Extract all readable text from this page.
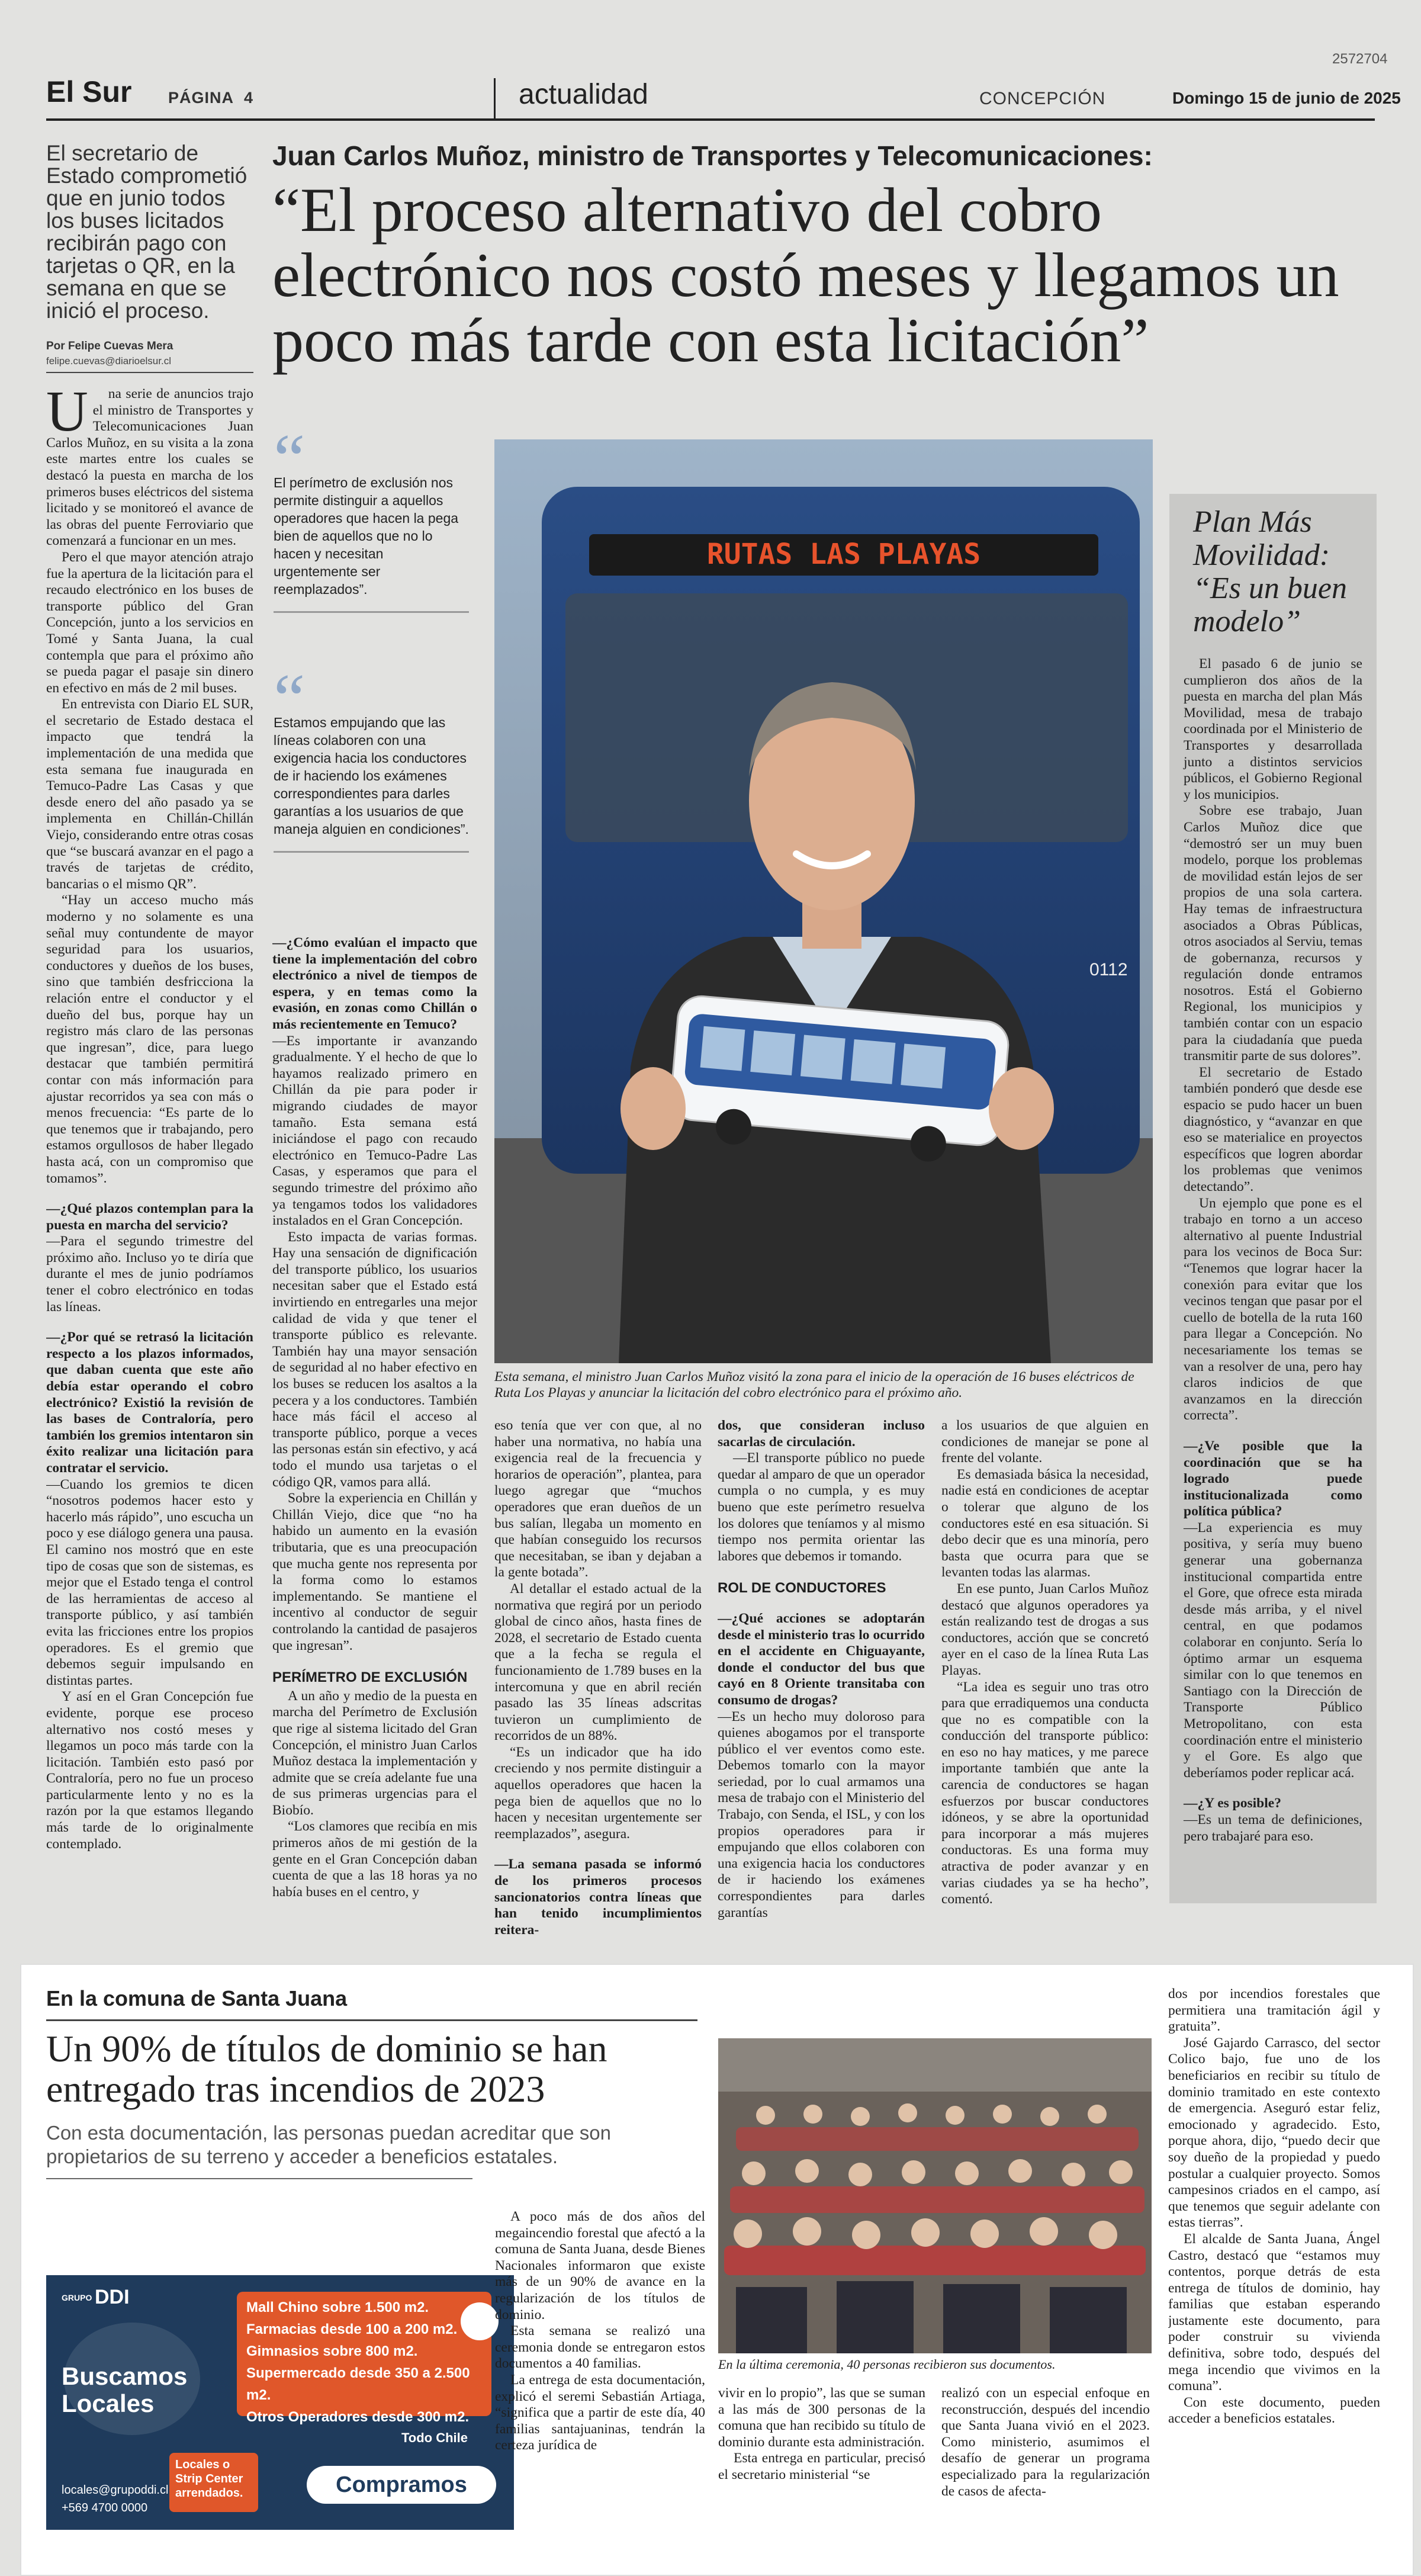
El Sur PÁGINA 4	actualidad	CONCEPCIÓN	Domingo 15 de junio de 2025
2572704
El secretario de Estado comprometió que en junio todos los buses licitados recibirán pago con tarjetas o QR, en la semana en que se inició el proceso.
Por Felipe Cuevas Mera
felipe.cuevas@diarioelsur.cl
Juan Carlos Muñoz, ministro de Transportes y Telecomunicaciones:
“El proceso alternativo del cobro electrónico nos costó meses y llegamos un poco más tarde con esta licitación”
U	na serie de anuncios trajo el ministro de Transportes y Telecomunicaciones Juan Carlos Muñoz, en su visita a la zona este martes entre los cuales se destacó la puesta en marcha de los primeros buses eléctricos del sistema licitado y se monitoreó el avance de las obras del puente Ferroviario que comenzará a funcionar en un mes.

Pero el que mayor atención atrajo fue la apertura de la licitación para el recaudo electrónico en los buses de transporte público del Gran Concepción, junto a los servicios en Tomé y Santa Juana, la cual contempla que para el próximo año se pueda pagar el pasaje sin dinero en efectivo en más de 2 mil buses.

En entrevista con Diario EL SUR, el secretario de Estado destaca el impacto que tendrá la implementación de una medida que esta semana fue inaugurada en Temuco-Padre Las Casas y que desde enero del año pasado ya se implementa en Chillán-Chillán Viejo, considerando entre otras cosas que “se buscará avanzar en el pago a través de tarjetas de crédito, bancarias o el mismo QR”.

“Hay un acceso mucho más moderno y no solamente es una señal muy contundente de mayor seguridad para los usuarios, conductores y dueños de los buses, sino que también desfricciona la relación entre el conductor y el dueño del bus, porque hay un registro más claro de las personas que ingresan”, dice, para luego destacar que también permitirá contar con más información para ajustar recorridos ya sea con más o menos frecuencia: “Es parte de lo que tenemos que ir trabajando, pero estamos orgullosos de haber llegado hasta acá, con un compromiso que tomamos”.

—¿Qué plazos contemplan para la puesta en marcha del servicio?

—Para el segundo trimestre del próximo año. Incluso yo te diría que durante el mes de junio podríamos tener el cobro electrónico en todas las líneas.

—¿Por qué se retrasó la licitación respecto a los plazos informados, que daban cuenta que este año debía estar operando el cobro electrónico? Existió la revisión de las bases de Contraloría, pero también los gremios intentaron sin éxito realizar una licitación para contratar el servicio.

—Cuando los gremios te dicen “nosotros podemos hacer esto y hacerlo más rápido”, uno escucha un poco y ese diálogo genera una pausa. El camino nos mostró que en este tipo de cosas que son de sistemas, es mejor que el Estado tenga el control de las herramientas de acceso al transporte público, y así también evita las fricciones entre los propios operadores. Es el gremio que debemos seguir impulsando en distintas partes.

Y así en el Gran Concepción fue evidente, porque ese proceso alternativo nos costó meses y llegamos un poco más tarde con la licitación. También esto pasó por Contraloría, pero no fue un proceso particularmente lento y no es la razón por la que estamos llegando más tarde de lo originalmente contemplado.

“
El perímetro de exclusión nos permite distinguir a aquellos operadores que hacen la pega bien de aquellos que no lo hacen y necesitan urgentemente ser reemplazados”.
“
Estamos empujando que las líneas colaboren con una exigencia hacia los conductores de ir haciendo los exámenes correspondientes para darles garantías a los usuarios de que maneja alguien en condiciones”.

—¿Cómo evalúan el impacto que tiene la implementación del cobro electrónico a nivel de tiempos de espera, y en temas como la evasión, en zonas como Chillán o más recientemente en Temuco?

—Es importante ir avanzando gradualmente. Y el hecho de que lo hayamos realizado primero en Chillán da pie para poder ir migrando ciudades de mayor tamaño. Esta semana está iniciándose el pago con recaudo electrónico en Temuco-Padre Las Casas, y esperamos que para el segundo trimestre del próximo año ya tengamos todos los validadores instalados en el Gran Concepción.

Esto impacta de varias formas. Hay una sensación de dignificación del transporte público, los usuarios necesitan saber que el Estado está invirtiendo en entregarles una mejor calidad de vida y que tener el transporte público es relevante. También hay una mayor sensación de seguridad al no haber efectivo en los buses se reducen los asaltos a la pecera y a los conductores. También hace más fácil el acceso al transporte público, porque a veces las personas están sin efectivo, y acá todo el mundo usa tarjetas o el código QR, vamos para allá.

Sobre la experiencia en Chillán y Chillán Viejo, dice que “no ha habido un aumento en la evasión tributaria, que es una preocupación que mucha gente nos representa por la forma como lo estamos implementando. Se mantiene el incentivo al conductor de seguir controlando la cantidad de pasajeros que ingresan”.

PERÍMETRO DE EXCLUSIÓN

A un año y medio de la puesta en marcha del Perímetro de Exclusión que rige al sistema licitado del Gran Concepción, el ministro Juan Carlos Muñoz destaca la implementación y admite que se creía adelante fue una de sus primeras urgencias para el Biobío.

“Los clamores que recibía en mis primeros años de mi gestión de la gente en el Gran Concepción daban cuenta de que a las 18 horas ya no había buses en el centro, y

RUTAS LAS PLAYAS
0112
Esta semana, el ministro Juan Carlos Muñoz visitó la zona para el inicio de la operación de 16 buses eléctricos de Ruta Los Playas y anunciar la licitación del cobro electrónico para el próximo año.

eso tenía que ver con que, al no haber una normativa, no había una exigencia real de la frecuencia y horarios de operación”, plantea, para luego agregar que “muchos operadores que eran dueños de un bus salían, llegaba un momento en que habían conseguido los recursos que necesitaban, se iban y dejaban a la gente botada”.

Al detallar el estado actual de la normativa que regirá por un periodo global de cinco años, hasta fines de 2028, el secretario de Estado cuenta que a la fecha se regula el funcionamiento de 1.789 buses en la intercomuna y que en abril recién pasado las 35 líneas adscritas tuvieron un cumplimiento de recorridos de un 88%.

“Es un indicador que ha ido creciendo y nos permite distinguir a aquellos operadores que hacen la pega bien de aquellos que no lo hacen y necesitan urgentemente ser reemplazados”, asegura.

—La semana pasada se informó de los primeros procesos sancionatorios contra líneas que han tenido incumplimientos reitera-

dos, que consideran incluso sacarlas de circulación.

—El transporte público no puede quedar al amparo de que un operador cumpla o no cumpla, y es muy bueno que este perímetro resuelva los dolores que teníamos y al mismo tiempo nos permita orientar las labores que debemos ir tomando.

ROL DE CONDUCTORES

—¿Qué acciones se adoptarán desde el ministerio tras lo ocurrido en el accidente en Chiguayante, donde el conductor del bus que cayó en 8 Oriente transitaba con consumo de drogas?

—Es un hecho muy doloroso para quienes abogamos por el transporte público el ver eventos como este. Debemos tomarlo con la mayor seriedad, por lo cual armamos una mesa de trabajo con el Ministerio del Trabajo, con Senda, el ISL, y con los propios operadores para ir empujando que ellos colaboren con una exigencia hacia los conductores de ir haciendo los exámenes correspondientes para darles garantías

a los usuarios de que alguien en condiciones de manejar se pone al frente del volante.

Es demasiada básica la necesidad, nadie está en condiciones de aceptar o tolerar que alguno de los conductores esté en esa situación. Si debo decir que es una minoría, pero basta que ocurra para que se levanten todas las alarmas.

En ese punto, Juan Carlos Muñoz destacó que algunos operadores ya están realizando test de drogas a sus conductores, acción que se concretó ayer en el caso de la línea Ruta Las Playas.

“La idea es seguir uno tras otro para que erradiquemos una conducta que no es compatible con la conducción del transporte público: en eso no hay matices, y me parece importante también que ante la carencia de conductores se hagan esfuerzos por buscar conductores idóneos, y se abre la oportunidad para incorporar a más mujeres conductoras. Es una forma muy atractiva de poder avanzar y en varias ciudades ya se ha hecho”, comentó.

Plan Más Movilidad: “Es un buen modelo”

El pasado 6 de junio se cumplieron dos años de la puesta en marcha del plan Más Movilidad, mesa de trabajo coordinada por el Ministerio de Transportes y desarrollada junto a distintos servicios públicos, el Gobierno Regional y los municipios.

Sobre ese trabajo, Juan Carlos Muñoz dice que “demostró ser un muy buen modelo, porque los problemas de movilidad están lejos de ser propios de una sola cartera. Hay temas de infraestructura asociados a Obras Públicas, otros asociados al Serviu, temas de gobernanza, recursos y regulación donde entramos nosotros. Está el Gobierno Regional, los municipios y también contar con un espacio para la ciudadanía que pueda transmitir parte de sus dolores”.

El secretario de Estado también ponderó que desde ese espacio se pudo hacer un buen diagnóstico, y “avanzar en que eso se materialice en proyectos específicos que logren abordar los problemas que venimos detectando”.

Un ejemplo que pone es el trabajo en torno a un acceso alternativo al puente Industrial para los vecinos de Boca Sur: “Tenemos que lograr hacer la conexión para evitar que los vecinos tengan que pasar por el cuello de botella de la ruta 160 para llegar a Concepción. No necesariamente los temas se van a resolver de una, pero hay claros indicios de que avanzamos en la dirección correcta”.

—¿Ve posible que la coordinación que se ha logrado puede institucionalizada como política pública?

—La experiencia es muy positiva, y sería muy bueno generar una gobernanza institucional compartida entre el Gore, que ofrece esta mirada desde más arriba, y el nivel central, en que podamos colaborar en conjunto. Sería lo óptimo armar un esquema similar con lo que tenemos en Santiago con la Dirección de Transporte Público Metropolitano, con esta coordinación entre el ministerio y el Gore. Es algo que deberíamos poder replicar acá.

—¿Y es posible?

—Es un tema de definiciones, pero trabajaré para eso.

En la comuna de Santa Juana
Un 90% de títulos de dominio se han entregado tras incendios de 2023
Con esta documentación, las personas puedan acreditar que son propietarios de su terreno y acceder a beneficios estatales.
GRUPO DDI
Buscamos Locales
Mall Chino sobre 1.500 m2.
Farmacias desde 100 a 200 m2.
Gimnasios sobre 800 m2.
Supermercado desde 350 a 2.500 m2.
Otros Operadores desde 300 m2.
Todo Chile
Locales o Strip Center arrendados.	Compramos
locales@grupoddi.cl
+569 4700 0000

A poco más de dos años del megaincendio forestal que afectó a la comuna de Santa Juana, desde Bienes Nacionales informaron que existe más de un 90% de avance en la regularización de los títulos de dominio.

Esta semana se realizó una ceremonia donde se entregaron estos documentos a 40 familias.

La entrega de esta documentación, explicó el seremi Sebastián Artiaga, “significa que a partir de este día, 40 familias santajuaninas, tendrán la certeza jurídica de

vivir en lo propio”, las que se suman a las más de 300 personas de la comuna que han recibido su título de dominio durante esta administración.

Esta entrega en particular, precisó el secretario ministerial “se

realizó con un especial enfoque en reconstrucción, después del incendio que Santa Juana vivió en el 2023. Como ministerio, asumimos el desafío de generar un programa especializado para la regularización de casos de afecta-

dos por incendios forestales que permitiera una tramitación ágil y gratuita”.

José Gajardo Carrasco, del sector Colico bajo, fue uno de los beneficiarios en recibir su título de dominio tramitado en este contexto de emergencia. Aseguró estar feliz, emocionado y agradecido. Esto, porque ahora, dijo, “puedo decir que soy dueño de la propiedad y puedo postular a cualquier proyecto. Somos campesinos criados en el campo, así que tenemos que seguir adelante con estas tierras”.

El alcalde de Santa Juana, Ángel Castro, destacó que “estamos muy contentos, porque detrás de esta entrega de títulos de dominio, hay familias que estaban esperando justamente este documento, para poder construir su vivienda definitiva, sobre todo, después del mega incendio que vivimos en la comuna”.

Con este documento, pueden acceder a beneficios estatales.

En la última ceremonia, 40 personas recibieron sus documentos.
